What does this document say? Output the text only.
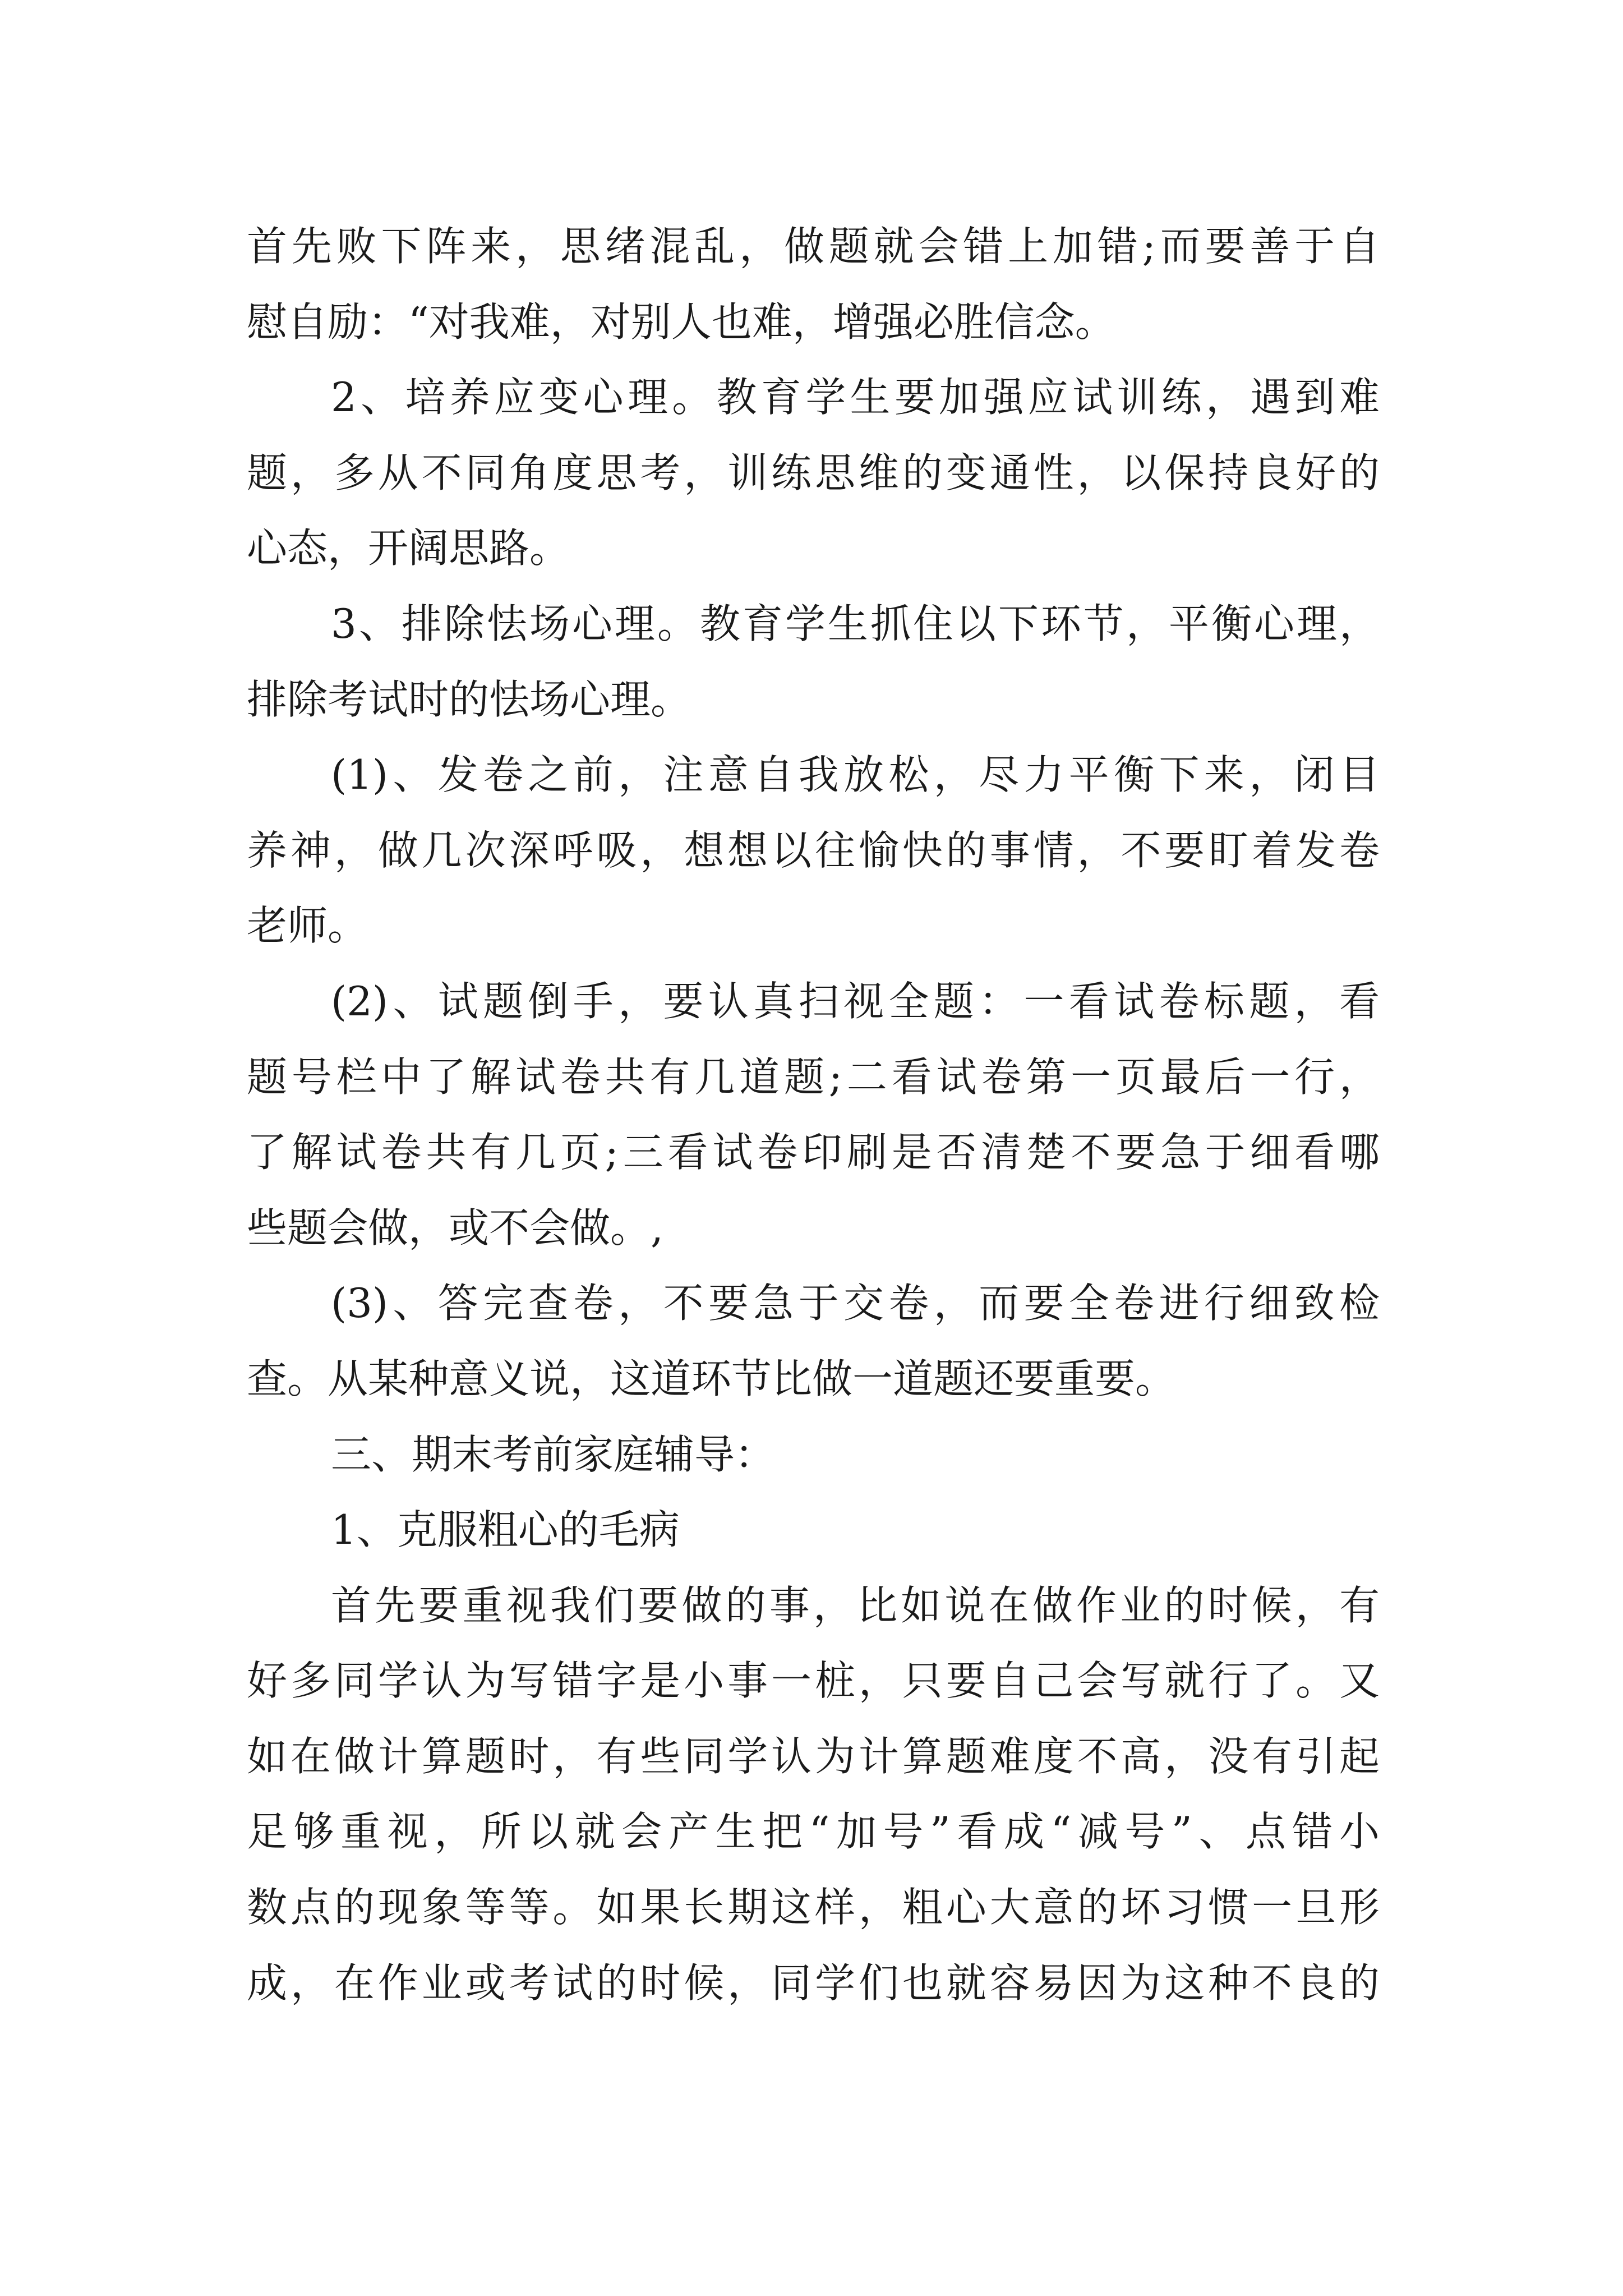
首先败下阵来，思绪混乱，做题就会错上加错;而要善于自
慰自励：“对我难，对别人也难，增强必胜信念。
2、培养应变心理。教育学生要加强应试训练，遇到难
题，多从不同角度思考，训练思维的变通性，以保持良好的
心态，开阔思路。
3、排除怯场心理。教育学生抓住以下环节，平衡心理，
排除考试时的怯场心理。
(1)、发卷之前，注意自我放松，尽力平衡下来，闭目
养神，做几次深呼吸，想想以往愉快的事情，不要盯着发卷
老师。
(2)、试题倒手，要认真扫视全题：一看试卷标题，看
题号栏中了解试卷共有几道题;二看试卷第一页最后一行，
了解试卷共有几页;三看试卷印刷是否清楚不要急于细看哪
些题会做，或不会做。,
(3)、答完查卷，不要急于交卷，而要全卷进行细致检
查。从某种意义说，这道环节比做一道题还要重要。
三、期末考前家庭辅导：
1、克服粗心的毛病
首先要重视我们要做的事，比如说在做作业的时候，有
好多同学认为写错字是小事一桩，只要自己会写就行了。又
如在做计算题时，有些同学认为计算题难度不高，没有引起
足够重视，所以就会产生把“加号”看成“减号”、点错小
数点的现象等等。如果长期这样，粗心大意的坏习惯一旦形
成，在作业或考试的时候，同学们也就容易因为这种不良的
